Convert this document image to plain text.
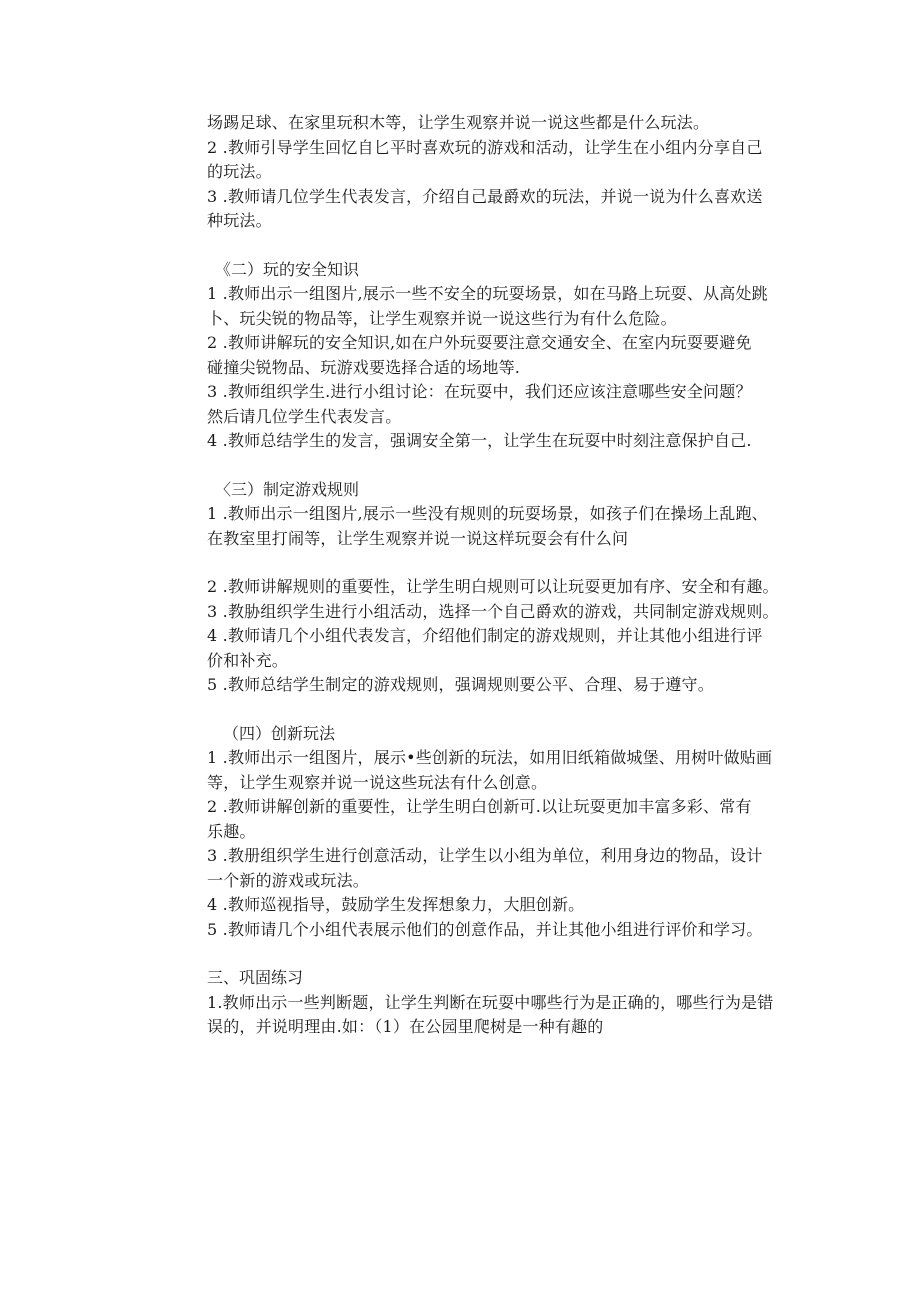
场踢足球、在家里玩积木等，让学生观察并说一说这些都是什么玩法。
2 .教师引导学生回忆自匕平时喜欢玩的游戏和活动，让学生在小组内分享自己
的玩法。
3 .教师请几位学生代表发言，介绍自己最爵欢的玩法，并说一说为什么喜欢送
种玩法。
《二）玩的安全知识
1 .教师出示一组图片,展示一些不安全的玩耍场景，如在马路上玩耍、从高处跳
卜、玩尖锐的物品等，让学生观察并说一说这些行为有什么危险。
2 .教师讲解玩的安全知识,如在户外玩耍要注意交通安全、在室内玩耍要避免
碰撞尖锐物品、玩游戏要选择合适的场地等.
3 .教师组织学生.进行小组讨论：在玩耍中，我们还应该注意哪些安全问题？
然后请几位学生代表发言。
4 .教师总结学生的发言，强调安全第一，让学生在玩耍中时刻注意保护自己.
〈三）制定游戏规则
1 .教师出示一组图片,展示一些没有规则的玩耍场景，如孩子们在操场上乱跑、
在教室里打闹等，让学生观察并说一说这样玩耍会有什么问
2 .教师讲解规则的重要性，让学生明白规则可以让玩耍更加有序、安全和有趣。
3 .教胁组织学生进行小组活动，选择一个自己爵欢的游戏，共同制定游戏规则。
4 .教师请几个小组代表发言，介绍他们制定的游戏规则，并让其他小组进行评
价和补充。
5 .教师总结学生制定的游戏规则，强调规则要公平、合理、易于遵守。
（四）创新玩法
1 .教师出示一组图片，展示•些创新的玩法，如用旧纸箱做城堡、用树叶做贴画
等，让学生观察并说一说这些玩法有什么创意。
2 .教师讲解创新的重要性，让学生明白创新可.以让玩耍更加丰富多彩、常有
乐趣。
3 .教册组织学生进行创意活动，让学生以小组为单位，利用身边的物品，设计
一个新的游戏或玩法。
4 .教师巡视指导，鼓励学生发挥想象力，大胆创新。
5 .教师请几个小组代表展示他们的创意作品，并让其他小组进行评价和学习。
三、巩固练习
1.教师出示一些判断题，让学生判断在玩耍中哪些行为是正确的，哪些行为是错
误的，并说明理由.如：（1）在公园里爬树是一种有趣的
